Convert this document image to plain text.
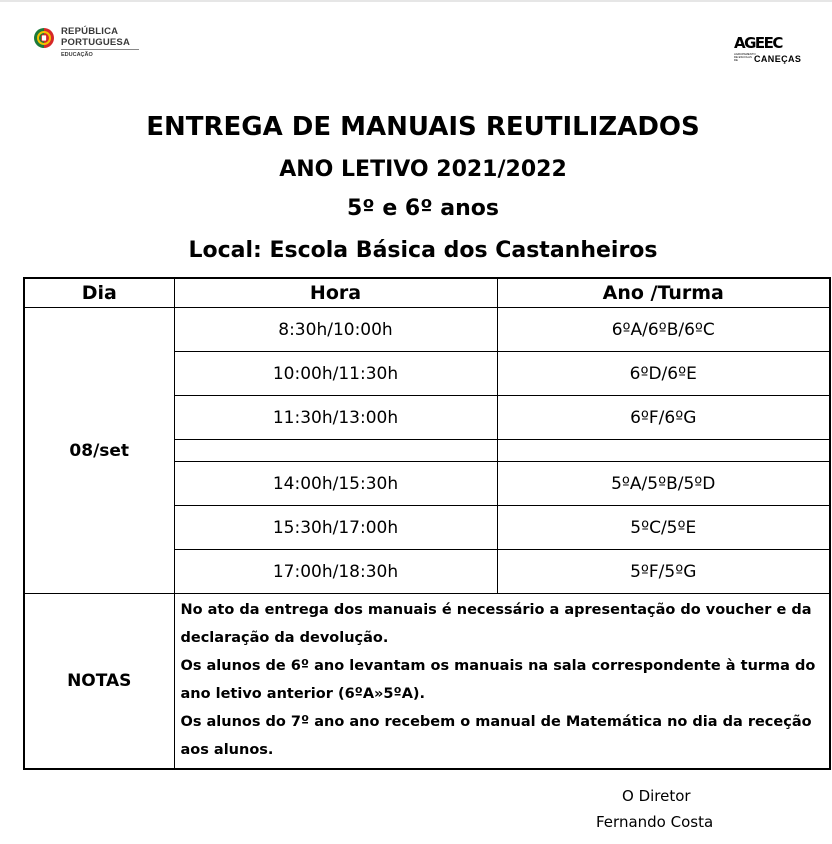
REPÚBLICA
PORTUGUESA
EDUCAÇÃO
AGEEC
AGRUPAMENTO DE ESCOLAS DE	CANEÇAS
ENTREGA DE MANUAIS REUTILIZADOS
ANO LETIVO 2021/2022
5º e 6º anos
Local: Escola Básica dos Castanheiros
Dia	Hora	Ano /Turma
08/set	8:30h/10:00h	6ºA/6ºB/6ºC
	10:00h/11:30h	6ºD/6ºE
	11:30h/13:00h	6ºF/6ºG

	14:00h/15:30h	5ºA/5ºB/5ºD
	15:30h/17:00h	5ºC/5ºE
	17:00h/18:30h	5ºF/5ºG
NOTAS	No ato da entrega dos manuais é necessário a apresentação do voucher e da declaração da devolução.

Os alunos de 6º ano levantam os manuais na sala correspondente à turma do ano letivo anterior (6ºA»5ºA).

Os alunos do 7º ano ano recebem o manual de Matemática no dia da receção aos alunos.	

O Diretor
Fernando Costa
